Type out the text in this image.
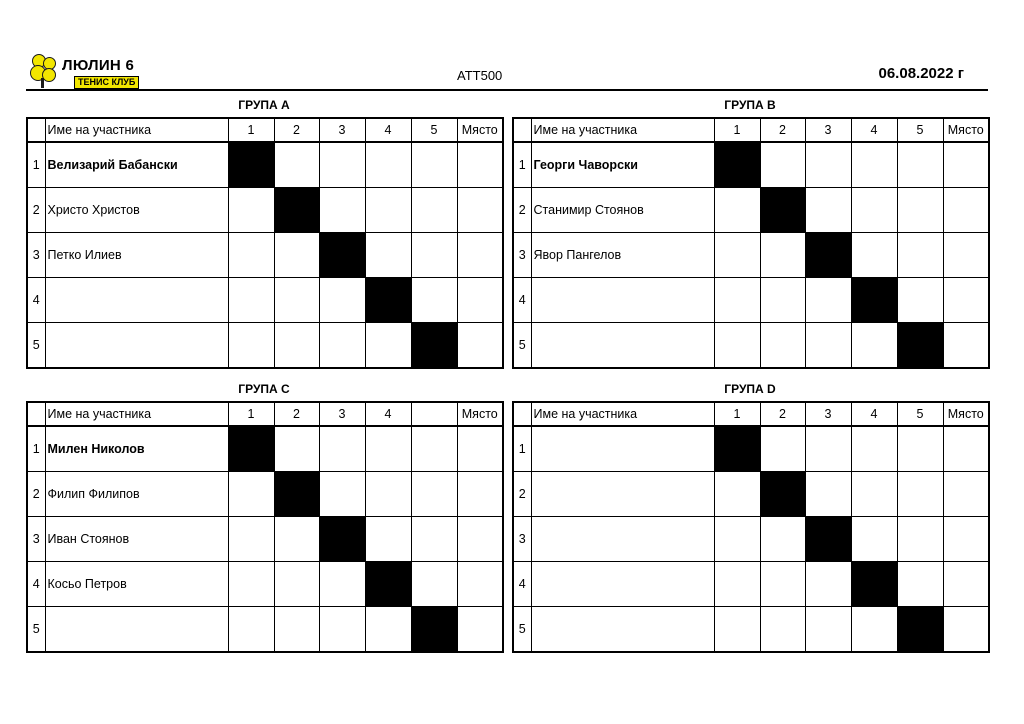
ЛЮЛИН 6
ТЕНИС КЛУБ	ATT500	06.08.2022 г
ГРУПА А
	Име на участника	1	2	3	4	5	Място
1	Велизарий Бабански						
2	Христо Христов						
3	Петко Илиев						
4							
5							
ГРУПА В
	Име на участника	1	2	3	4	5	Място
1	Георги Чаворски						
2	Станимир Стоянов						
3	Явор Пангелов						
4							
5							
ГРУПА С
	Име на участника	1	2	3	4		Място
1	Милен Николов						
2	Филип Филипов						
3	Иван Стоянов						
4	Косьо Петров						
5							
ГРУПА D
	Име на участника	1	2	3	4	5	Място
1							
2							
3							
4							
5							
